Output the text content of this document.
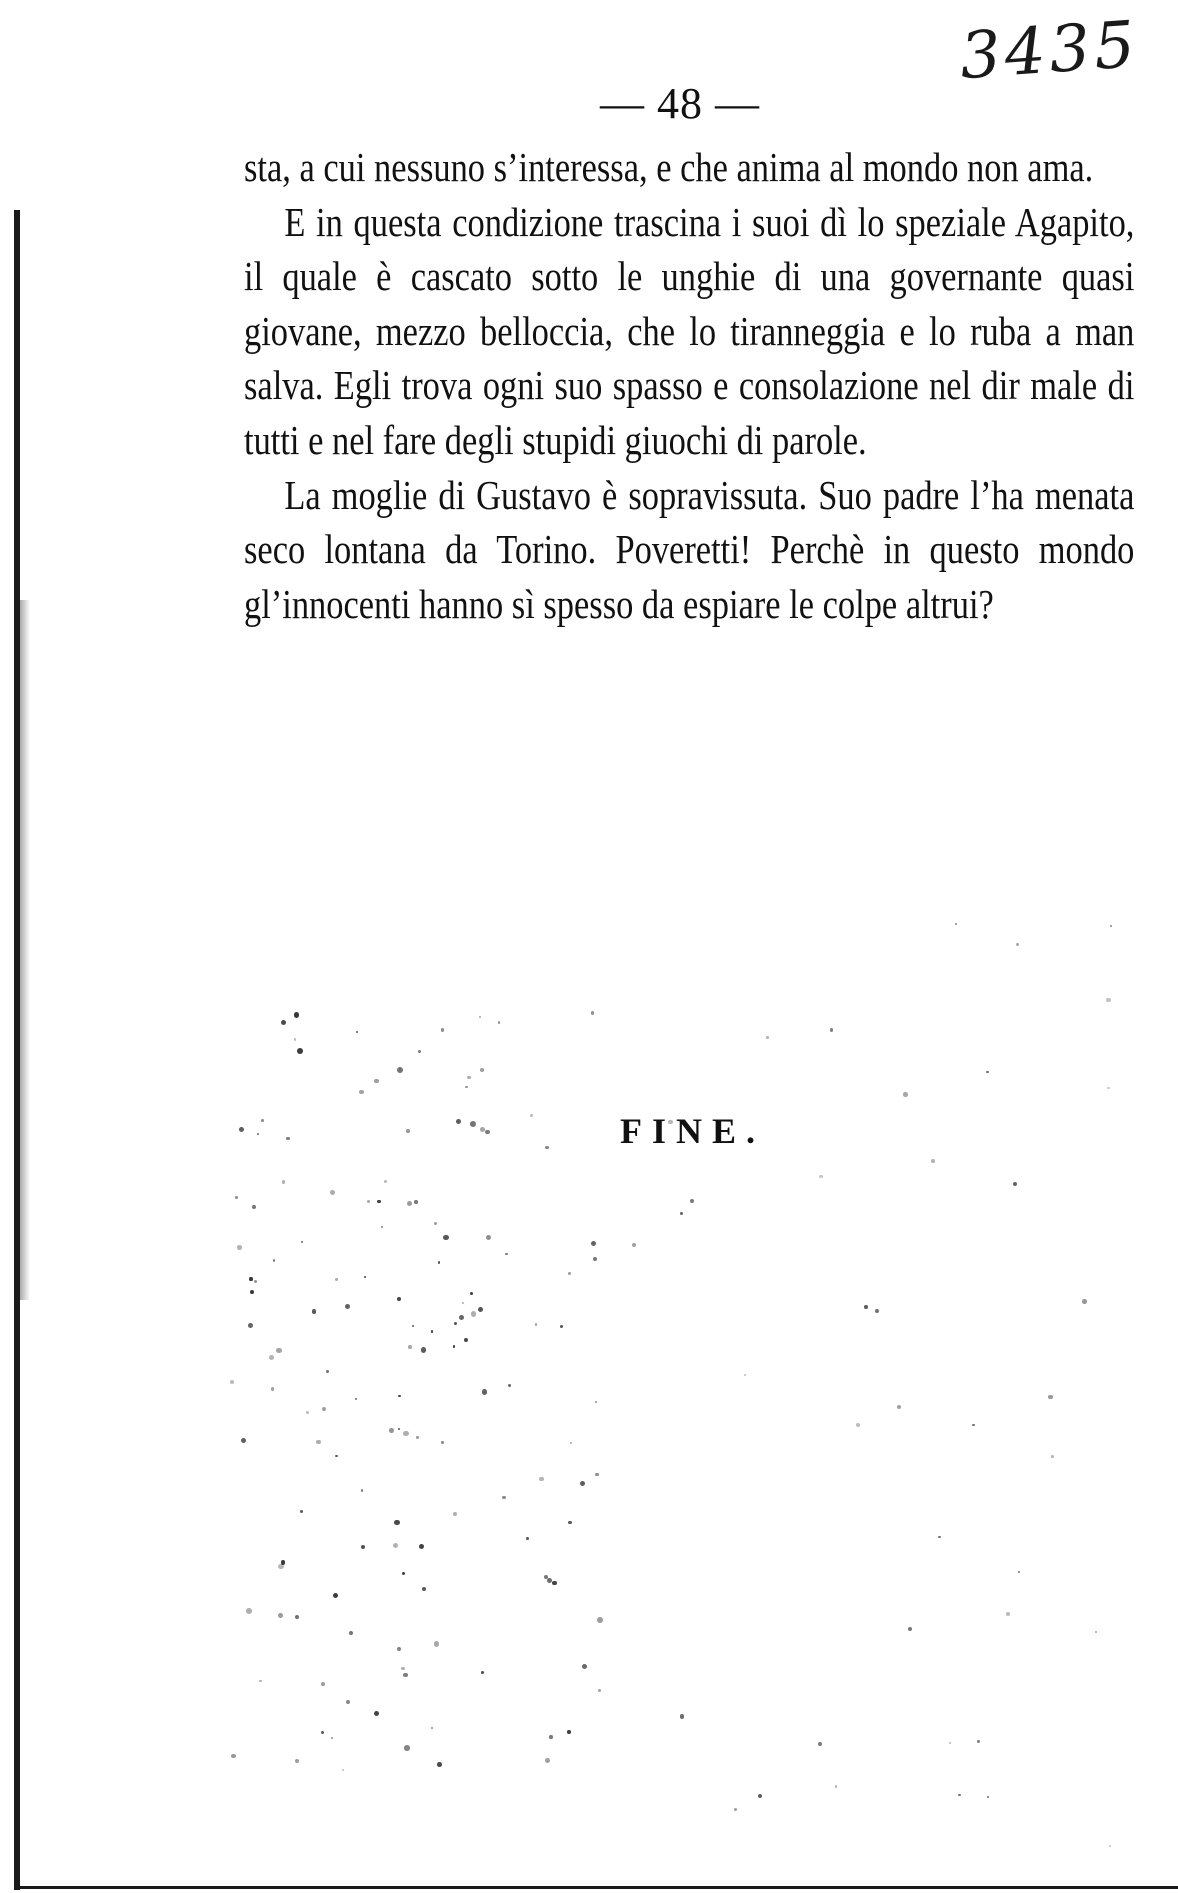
3435
— 48 —

sta, a cui nessuno s’interessa, e che anima al mondo non ama.

E in questa condizione trascina i suoi dì lo speziale Agapito, il quale è cascato sotto le unghie di una governante quasi giovane, mezzo belloccia, che lo tiranneggia e lo ruba a man salva. Egli trova ogni suo spasso e consolazione nel dir male di tutti e nel fare degli stupidi giuochi di parole.

La moglie di Gustavo è sopravissuta. Suo padre l’ha menata seco lontana da Torino. Poveretti! Perchè in questo mondo gl’innocenti hanno sì spesso da espiare le colpe altrui?

FINE.
